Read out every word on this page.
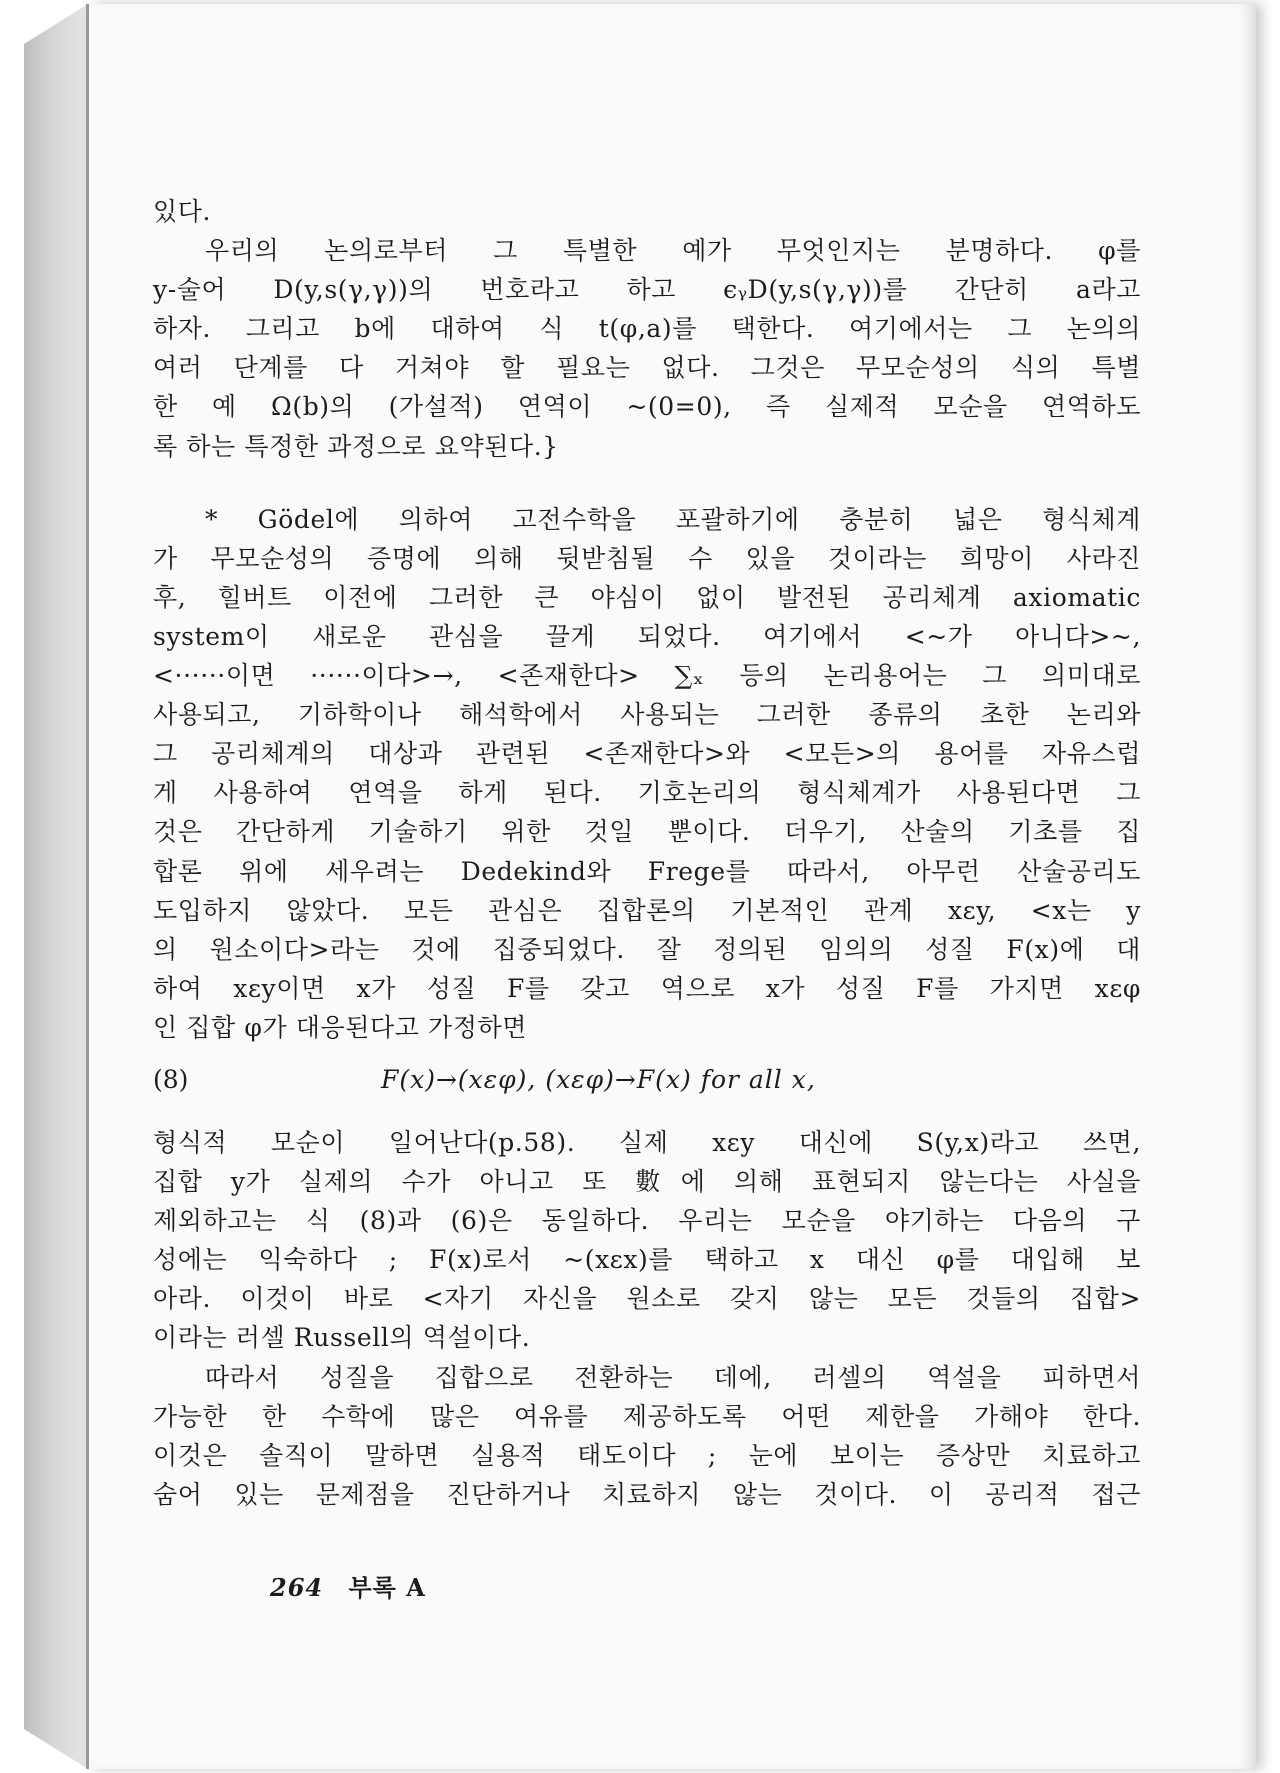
있다.
우리의 논의로부터 그 특별한 예가 무엇인지는 분명하다. φ를
y-술어 D(y,s(γ,γ))의 번호라고 하고 ϵᵧD(y,s(γ,γ))를 간단히 a라고
하자. 그리고 b에 대하여 식 t(φ,a)를 택한다. 여기에서는 그 논의의
여러 단계를 다 거쳐야 할 필요는 없다. 그것은 무모순성의 식의 특별
한 예 Ω(b)의 (가설적) 연역이 ~(0=0), 즉 실제적 모순을 연역하도
록 하는 특정한 과정으로 요약된다.}
* Gödel에 의하여 고전수학을 포괄하기에 충분히 넓은 형식체계
가 무모순성의 증명에 의해 뒷받침될 수 있을 것이라는 희망이 사라진
후, 힐버트 이전에 그러한 큰 야심이 없이 발전된 공리체계 axiomatic
system이 새로운 관심을 끌게 되었다. 여기에서 <~가 아니다>~,
<······이면 ······이다>→, <존재한다> ∑ₓ 등의 논리용어는 그 의미대로
사용되고, 기하학이나 해석학에서 사용되는 그러한 종류의 초한 논리와
그 공리체계의 대상과 관련된 <존재한다>와 <모든>의 용어를 자유스럽
게 사용하여 연역을 하게 된다. 기호논리의 형식체계가 사용된다면 그
것은 간단하게 기술하기 위한 것일 뿐이다. 더우기, 산술의 기초를 집
합론 위에 세우려는 Dedekind와 Frege를 따라서, 아무런 산술공리도
도입하지 않았다. 모든 관심은 집합론의 기본적인 관계 xεy, <x는 y
의 원소이다>라는 것에 집중되었다. 잘 정의된 임의의 성질 F(x)에 대
하여 xεy이면 x가 성질 F를 갖고 역으로 x가 성질 F를 가지면 xεφ
인 집합 φ가 대응된다고 가정하면
(8)	F(x)→(xεφ), (xεφ)→F(x) for all x,
형식적 모순이 일어난다(p.58). 실제 xεy 대신에 S(y,x)라고 쓰면,
집합 y가 실제의 수가 아니고 또 數에 의해 표현되지 않는다는 사실을
제외하고는 식 (8)과 (6)은 동일하다. 우리는 모순을 야기하는 다음의 구
성에는 익숙하다 ; F(x)로서 ~(xεx)를 택하고 x 대신 φ를 대입해 보
아라. 이것이 바로 <자기 자신을 원소로 갖지 않는 모든 것들의 집합>
이라는 러셀 Russell의 역설이다.
따라서 성질을 집합으로 전환하는 데에, 러셀의 역설을 피하면서
가능한 한 수학에 많은 여유를 제공하도록 어떤 제한을 가해야 한다.
이것은 솔직이 말하면 실용적 태도이다 ; 눈에 보이는 증상만 치료하고
숨어 있는 문제점을 진단하거나 치료하지 않는 것이다. 이 공리적 접근
264 부록 A
